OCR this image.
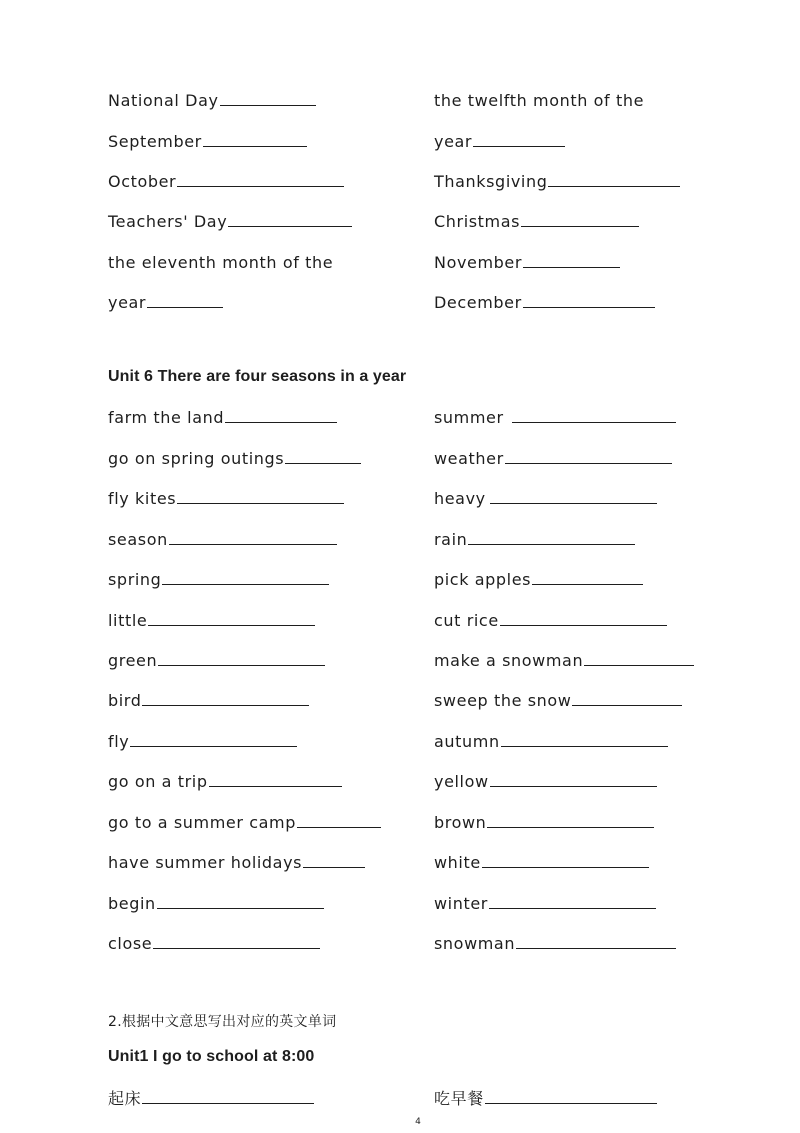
National Day	the twelfth month of the
September	year
October	Thanksgiving
Teachers' Day	Christmas
the eleventh month of the	November
year	December
Unit 6 There are four seasons in a year
farm the land	summer
go on spring outings	weather
fly kites	heavy
season	rain
spring	pick apples
little	cut rice
green	make a snowman
bird	sweep the snow
fly	autumn
go on a trip	yellow
go to a summer camp	brown
have summer holidays	white
begin	winter
close	snowman
2.根据中文意思写出对应的英文单词
Unit1 I go to school at 8:00
起床	吃早餐
4
